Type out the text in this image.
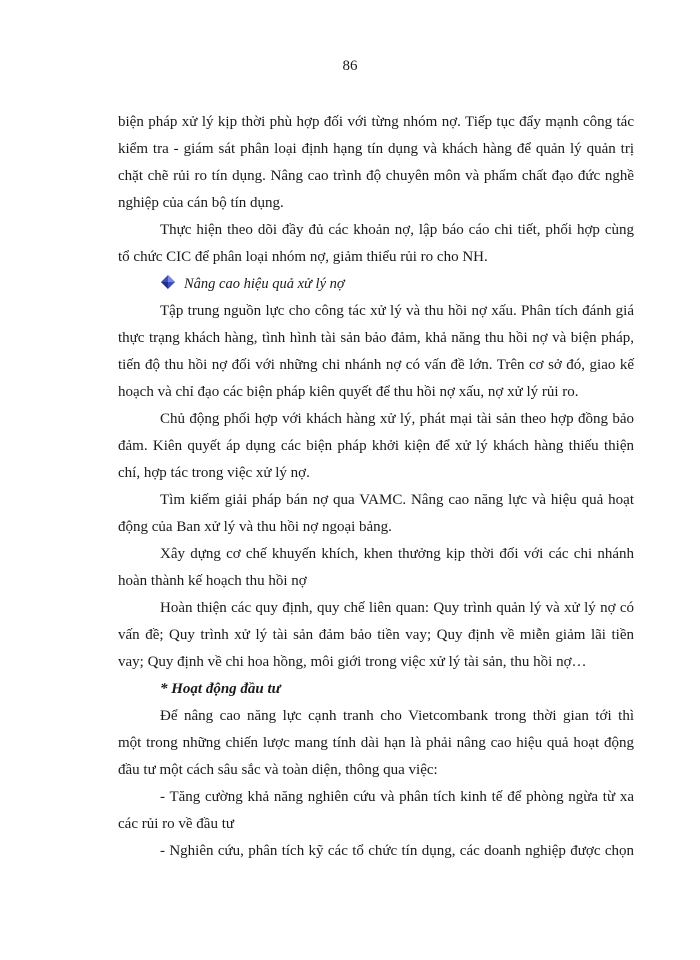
86
biện pháp xử lý kịp thời phù hợp đối với từng nhóm nợ. Tiếp tục đẩy mạnh công tác
kiểm tra - giám sát phân loại định hạng tín dụng và khách hàng để quản lý quản trị
chặt chẽ rủi ro tín dụng. Nâng cao trình độ chuyên môn và phẩm chất đạo đức nghề
nghiệp của cán bộ tín dụng.
Thực hiện theo dõi đầy đủ các khoản nợ, lập báo cáo chi tiết, phối hợp cùng
tổ chức CIC để phân loại nhóm nợ, giảm thiểu rủi ro cho NH.
Nâng cao hiệu quả xử lý nợ
Tập trung nguồn lực cho công tác xử lý và thu hồi nợ xấu. Phân tích đánh giá
thực trạng khách hàng, tình hình tài sản bảo đảm, khả năng thu hồi nợ và biện pháp,
tiến độ thu hồi nợ đối với những chi nhánh nợ có vấn đề lớn. Trên cơ sở đó, giao kế
hoạch và chỉ đạo các biện pháp kiên quyết để thu hồi nợ xấu, nợ xử lý rủi ro.
Chủ động phối hợp với khách hàng xử lý, phát mại tài sản theo hợp đồng bảo
đảm. Kiên quyết áp dụng các biện pháp khởi kiện để xử lý khách hàng thiếu thiện
chí, hợp tác trong việc xử lý nợ.
Tìm kiếm giải pháp bán nợ qua VAMC. Nâng cao năng lực và hiệu quả hoạt
động của Ban xử lý và thu hồi nợ ngoại bảng.
Xây dựng cơ chế khuyến khích, khen thưởng kịp thời đối với các chi nhánh
hoàn thành kế hoạch thu hồi nợ
Hoàn thiện các quy định, quy chế liên quan: Quy trình quản lý và xử lý nợ có
vấn đề; Quy trình xử lý tài sản đảm bảo tiền vay; Quy định về miễn giảm lãi tiền
vay; Quy định về chi hoa hồng, môi giới trong việc xử lý tài sản, thu hồi nợ…
* Hoạt động đầu tư
Để nâng cao năng lực cạnh tranh cho Vietcombank trong thời gian tới thì
một trong những chiến lược mang tính dài hạn là phải nâng cao hiệu quả hoạt động
đầu tư một cách sâu sắc và toàn diện, thông qua việc:
- Tăng cường khả năng nghiên cứu và phân tích kinh tế để phòng ngừa từ xa
các rủi ro về đầu tư
- Nghiên cứu, phân tích kỹ các tổ chức tín dụng, các doanh nghiệp được chọn
